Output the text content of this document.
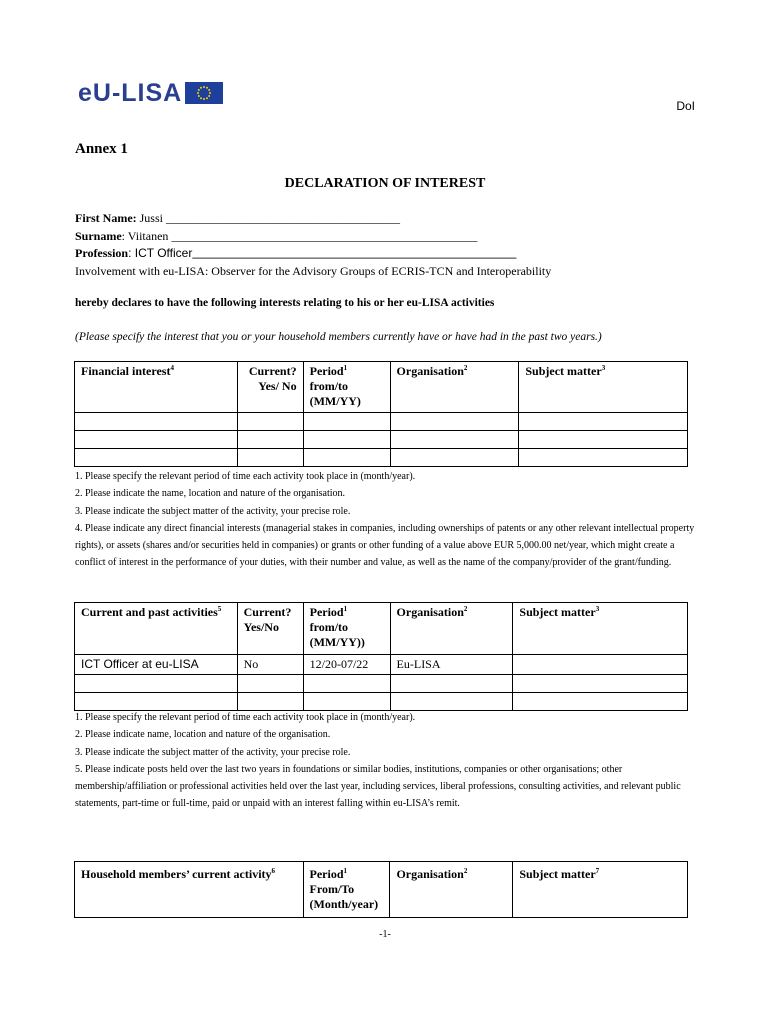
eU-LISA	DoI
Annex 1
DECLARATION OF INTEREST
First Name: Jussi _______________________________________
Surname: Viitanen ___________________________________________________
Profession: ICT Officer______________________________________________________
Involvement with eu-LISA: Observer for the Advisory Groups of ECRIS-TCN and Interoperability
hereby declares to have the following interests relating to his or her eu-LISA activities
(Please specify the interest that you or your household members currently have or have had in the past two years.)
Financial interest$^4$	Current? Yes/ No	Period$^1$
from/to
(MM/YY)	Organisation$^2$	Subject matter$^3$

1. Please specify the relevant period of time each activity took place in (month/year).
2. Please indicate the name, location and nature of the organisation.
3. Please indicate the subject matter of the activity, your precise role.
4. Please indicate any direct financial interests (managerial stakes in companies, including ownerships of patents or any other relevant intellectual property rights), or assets (shares and/or securities held in companies) or grants or other funding of a value above EUR 5,000.00 net/year, which might create a conflict of interest in the performance of your duties, with their number and value, as well as the name of the company/provider of the grant/funding.
Current and past activities$^5$	Current? Yes/No	Period$^1$
from/to
(MM/YY))	Organisation$^2$	Subject matter$^3$
ICT Officer at eu-LISA	No	12/20-07/22	Eu-LISA	

1. Please specify the relevant period of time each activity took place in (month/year).
2. Please indicate name, location and nature of the organisation.
3. Please indicate the subject matter of the activity, your precise role.
5. Please indicate posts held over the last two years in foundations or similar bodies, institutions, companies or other organisations; other membership/affiliation or professional activities held over the last year, including services, liberal professions, consulting activities, and relevant public statements, part-time or full-time, paid or unpaid with an interest falling within eu-LISA’s remit.
Household members’ current activity$^6$	Period$^1$
From/To
(Month/year)	Organisation$^2$	Subject matter$^7$
-1-
